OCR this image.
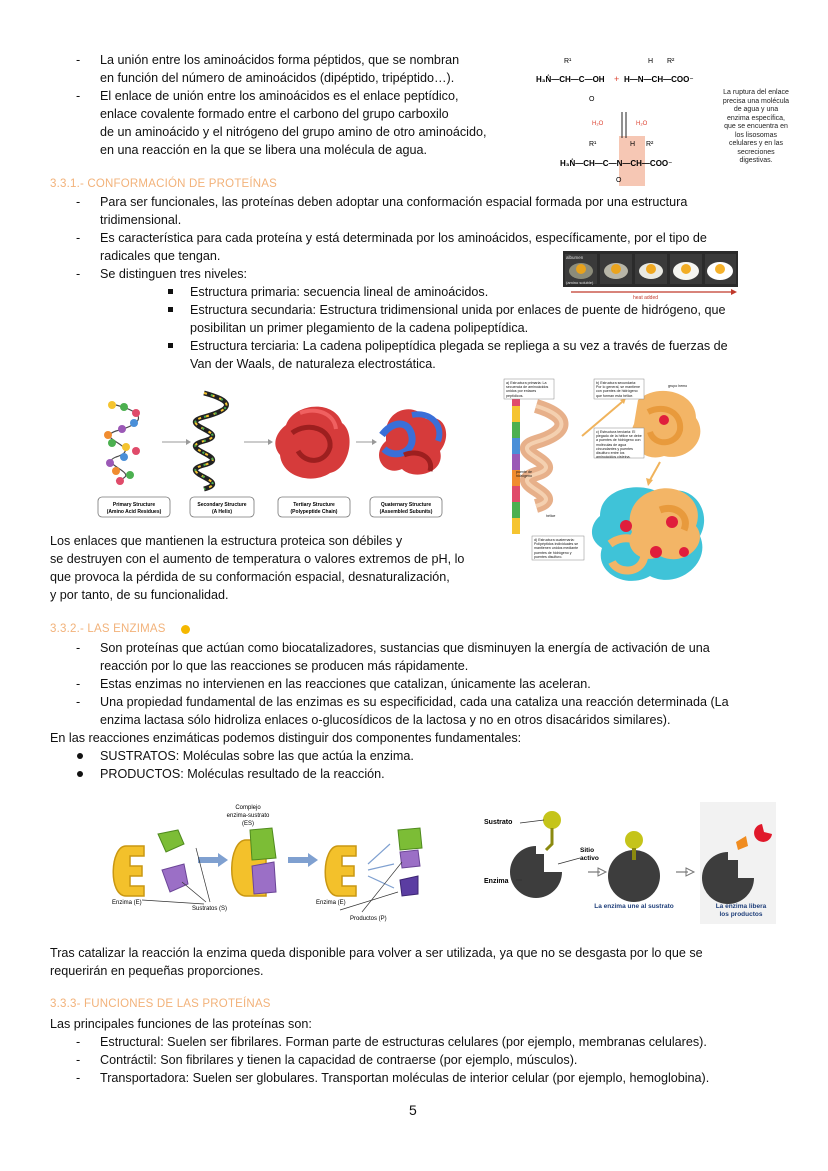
-	La unión entre los aminoácidos forma péptidos, que se nombran
en función del número de aminoácidos (dipéptido, tripéptido…).
-	El enlace de unión entre los aminoácidos es el enlace peptídico,
enlace covalente formado entre el carbono del grupo carboxilo
de un aminoácido y el nitrógeno del grupo amino de otro aminoácido,
en una reacción en la que se libera una molécula de agua.
R¹	H R²
H₃N̊—CH—C—OH + H—N—CH—COO⁻
O
H₂O	H₂O
R¹	H R²
H₃N̊—CH—C—N—CH—COO⁻
O
La ruptura del enlace
precisa una molécula
de agua y una
enzima específica,
que se encuentra en
los lisosomas
celulares y en las
secreciones
digestivas.
3.3.1.- CONFORMACIÓN DE PROTEÍNAS
-	Para ser funcionales, las proteínas deben adoptar una conformación espacial formada por una estructura
tridimensional.
-	Es característica para cada proteína y está determinada por los aminoácidos, específicamente, por el tipo de
radicales que tengan.
-	Se distinguen tres niveles:
Estructura primaria: secuencia lineal de aminoácidos.
Estructura secundaria: Estructura tridimensional unida por enlaces de puente de hidrógeno, que
posibilitan un primer plegamiento de la cadena polipeptídica.
Estructura terciaria: La cadena polipeptídica plegada se repliega a su vez a través de fuerzas de
Van der Waals, de naturaleza electrostática.
albumen
(amino soluble)
heat added
Primary Structure
(Amino Acid Residues)
Secondary Structure
(A Helix)
Tertiary Structure
(Polypeptide Chain)
Quaternary Structure
(Assembled Subunits)
a) Estructura primaria: La secuencia de aminoácidos unidos por enlaces peptídicos.
b) Estructura secundaria: Por lo general, se mantiene con puentes de hidrógeno que forman esta hélice.
c) Estructura terciaria: El plegado de la hélice se debe a puentes de hidrógeno con moléculas de agua circundantes y puentes disulfuro entre los aminoácidos cisteína.
d) Estructura cuaternaria: Polipéptidos individuales se mantienen unidos mediante puentes de hidrógeno y puentes disulfuro.
grupo hemo
puente de hidrógeno
hélice
Los enlaces que mantienen la estructura proteica son débiles y
se destruyen con el aumento de temperatura o valores extremos de pH, lo
que provoca la pérdida de su conformación espacial, desnaturalización,
y por tanto, de su funcionalidad.
3.3.2.- LAS ENZIMAS
-	Son proteínas que actúan como biocatalizadores, sustancias que disminuyen la energía de activación de una
reacción por lo que las reacciones se producen más rápidamente.
-	Estas enzimas no intervienen en las reacciones que catalizan, únicamente las aceleran.
-	Una propiedad fundamental de las enzimas es su especificidad, cada una cataliza una reacción determinada (La
enzima lactasa sólo hidroliza enlaces o-glucosídicos de la lactosa y no en otros disacáridos similares).
En las reacciones enzimáticas podemos distinguir dos componentes fundamentales:
SUSTRATOS: Moléculas sobre las que actúa la enzima.
PRODUCTOS: Moléculas resultado de la reacción.
Complejo
enzima-sustrato
(ES)
Enzima (E)
Sustratos (S)
Enzima (E)
Productos (P)
Sustrato
Sitio
activo
Enzima
La enzima une al sustrato	La enzima libera
los productos
Tras catalizar la reacción la enzima queda disponible para volver a ser utilizada, ya que no se desgasta por lo que se
requerirán en pequeñas proporciones.
3.3.3- FUNCIONES DE LAS PROTEÍNAS
Las principales funciones de las proteínas son:
-	Estructural: Suelen ser fibrilares. Forman parte de estructuras celulares (por ejemplo, membranas celulares).
-	Contráctil: Son fibrilares y tienen la capacidad de contraerse (por ejemplo, músculos).
-	Transportadora: Suelen ser globulares. Transportan moléculas de interior celular (por ejemplo, hemoglobina).
5
